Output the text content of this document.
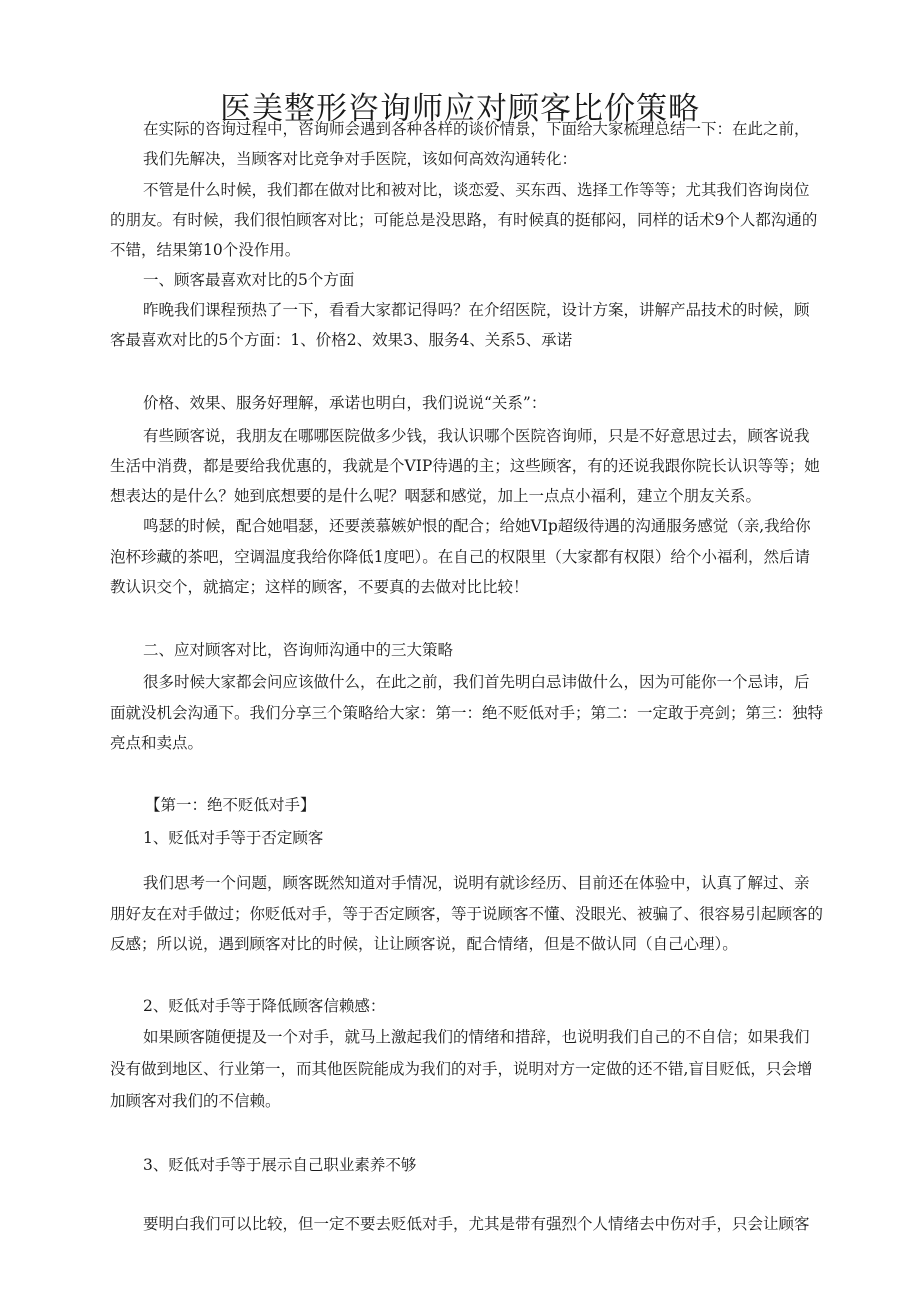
医美整形咨询师应对顾客比价策略
在实际的咨询过程中，咨询师会遇到各种各样的谈价情景，下面给大家梳理总结一下：在此之前，
我们先解决，当顾客对比竞争对手医院，该如何高效沟通转化：
不管是什么时候，我们都在做对比和被对比，谈恋爱、买东西、选择工作等等；尤其我们咨询岗位
的朋友。有时候，我们很怕顾客对比；可能总是没思路，有时候真的挺郁闷，同样的话术9个人都沟通的
不错，结果第10个没作用。
一、顾客最喜欢对比的5个方面
昨晚我们课程预热了一下，看看大家都记得吗？在介绍医院，设计方案，讲解产品技术的时候，顾
客最喜欢对比的5个方面：1、价格2、效果3、服务4、关系5、承诺
价格、效果、服务好理解，承诺也明白，我们说说“关系”：
有些顾客说，我朋友在哪哪医院做多少钱，我认识哪个医院咨询师，只是不好意思过去，顾客说我
生活中消费，都是要给我优惠的，我就是个VIP待遇的主；这些顾客，有的还说我跟你院长认识等等；她
想表达的是什么？她到底想要的是什么呢？咽瑟和感觉，加上一点点小福利，建立个朋友关系。
鸣瑟的时候，配合她唱瑟，还要羡慕嫉妒恨的配合；给她VIp超级待遇的沟通服务感觉（亲,我给你
泡杯珍藏的茶吧，空调温度我给你降低1度吧）。在自己的权限里（大家都有权限）给个小福利，然后请
教认识交个，就搞定；这样的顾客，不要真的去做对比比较！
二、应对顾客对比，咨询师沟通中的三大策略
很多时候大家都会问应该做什么，在此之前，我们首先明白忌讳做什么，因为可能你一个忌讳，后
面就没机会沟通下。我们分享三个策略给大家：第一：绝不贬低对手；第二：一定敢于亮剑；第三：独特
亮点和卖点。
【第一：绝不贬低对手】
1、贬低对手等于否定顾客
我们思考一个问题，顾客既然知道对手情况，说明有就诊经历、目前还在体验中，认真了解过、亲
朋好友在对手做过；你贬低对手，等于否定顾客，等于说顾客不懂、没眼光、被骗了、很容易引起顾客的
反感；所以说，遇到顾客对比的时候，让让顾客说，配合情绪，但是不做认同（自己心理）。
2、贬低对手等于降低顾客信赖感：
如果顾客随便提及一个对手，就马上激起我们的情绪和措辞，也说明我们自己的不自信；如果我们
没有做到地区、行业第一，而其他医院能成为我们的对手，说明对方一定做的还不错,盲目贬低，只会增
加顾客对我们的不信赖。
3、贬低对手等于展示自己职业素养不够
要明白我们可以比较，但一定不要去贬低对手，尤其是带有强烈个人情绪去中伤对手，只会让顾客
